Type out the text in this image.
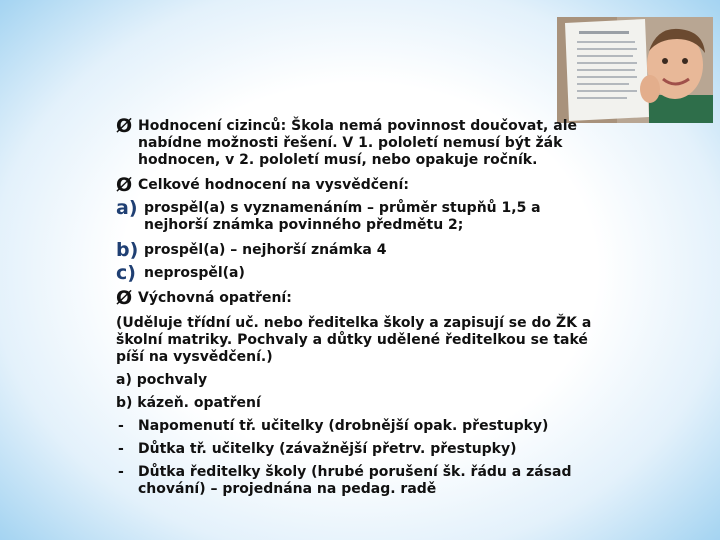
Ø Hodnocení cizinců: Škola nemá povinnost doučovat, ale
nabídne možnosti řešení. V 1. pololetí nemusí být žák
hodnocen, v 2. pololetí musí, nebo opakuje ročník.
Ø Celkové hodnocení na vysvědčení:
a) prospěl(a) s vyznamenáním – průměr stupňů 1,5 a
nejhorší známka povinného předmětu 2;
b) prospěl(a) – nejhorší známka 4
c) neprospěl(a)
Ø Výchovná opatření:
(Uděluje třídní uč. nebo ředitelka školy a zapisují se do ŽK a
školní matriky. Pochvaly a důtky udělené ředitelkou se také
píší na vysvědčení.)
a) pochvaly
b) kázeň. opatření
-	Napomenutí tř. učitelky (drobnější opak. přestupky)
-	Důtka tř. učitelky (závažnější přetrv. přestupky)
-	Důtka ředitelky školy (hrubé porušení šk. řádu a zásad
chování) – projednána na pedag. radě
